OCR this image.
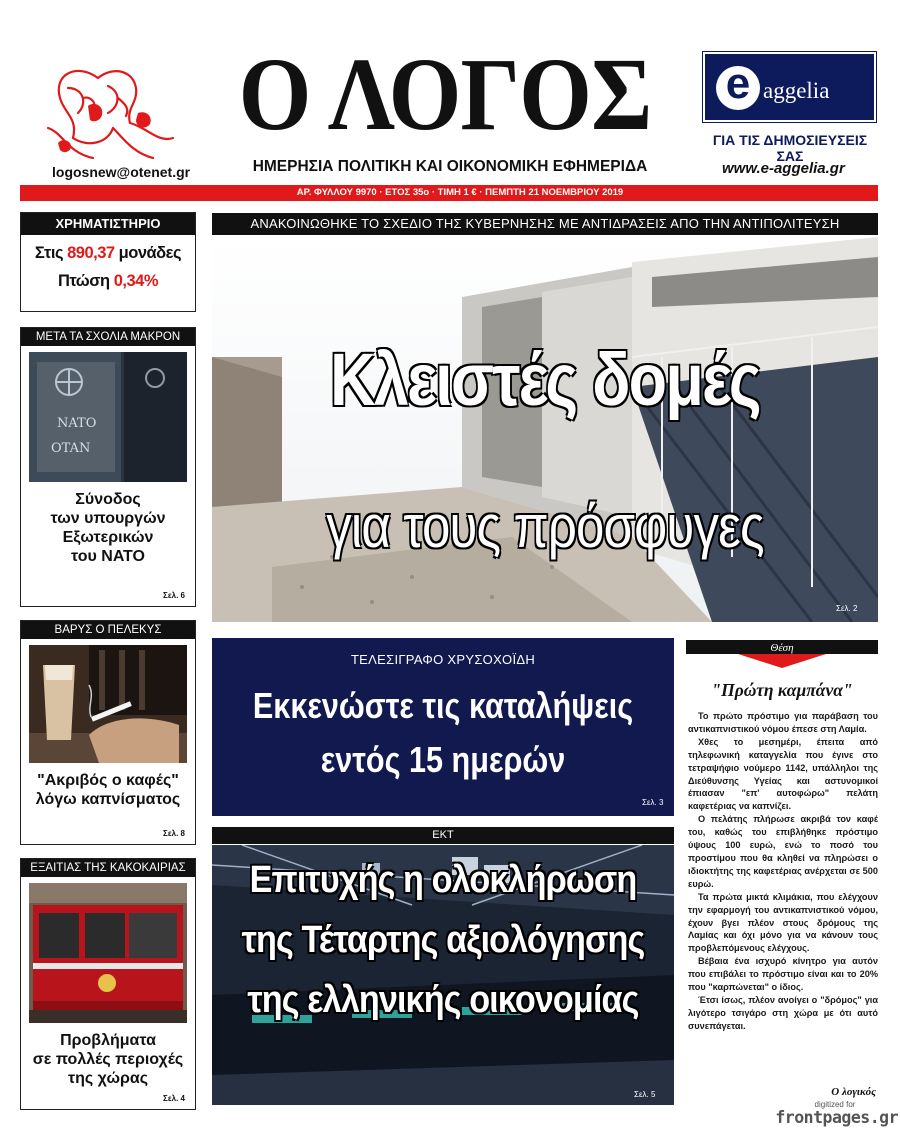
logosnew@otenet.gr
Ο ΛΟΓΟΣ
ΗΜΕΡΗΣΙΑ ΠΟΛΙΤΙΚΗ ΚΑΙ ΟΙΚΟΝΟΜΙΚΗ ΕΦΗΜΕΡΙΔΑ
e aggelia
ΓΙΑ ΤΙΣ ΔΗΜΟΣΙΕΥΣΕΙΣ ΣΑΣ
www.e-aggelia.gr
ΑΡ. ΦΥΛΛΟΥ 9970 · ΕΤΟΣ 35ο · ΤΙΜΗ 1 € · ΠΕΜΠΤΗ 21 ΝΟΕΜΒΡΙΟΥ 2019
ΧΡΗΜΑΤΙΣΤΗΡΙΟ
Στις 890,37 μονάδες
Πτώση 0,34%
ΜΕΤΑ ΤΑ ΣΧΟΛΙΑ ΜΑΚΡΟΝ
NATO
OTAN
Σύνοδος
των υπουργών
Εξωτερικών
του ΝΑΤΟ
Σελ. 6
ΒΑΡΥΣ Ο ΠΕΛΕΚΥΣ
"Ακριβός ο καφές"
λόγω καπνίσματος
Σελ. 8
ΕΞΑΙΤΙΑΣ ΤΗΣ ΚΑΚΟΚΑΙΡΙΑΣ
Προβλήματα
σε πολλές περιοχές
της χώρας
Σελ. 4
ΑΝΑΚΟΙΝΩΘΗΚΕ ΤΟ ΣΧΕΔΙΟ ΤΗΣ ΚΥΒΕΡΝΗΣΗΣ ΜΕ ΑΝΤΙΔΡΑΣΕΙΣ ΑΠΟ ΤΗΝ ΑΝΤΙΠΟΛΙΤΕΥΣΗ
Κλειστές δομές
για τους πρόσφυγες
Σελ. 2
ΤΕΛΕΣΙΓΡΑΦΟ ΧΡΥΣΟΧΟΪΔΗ
Εκκενώστε τις καταλήψεις
εντός 15 ημερών
Σελ. 3
ΕΚΤ
Επιτυχής η ολοκλήρωση
της Τέταρτης αξιολόγησης
της ελληνικής οικονομίας
Σελ. 5
Θέση
"Πρώτη καμπάνα"

Το πρώτο πρόστιμο για παράβαση του αντικαπνιστικού νόμου έπεσε στη Λαμία.

Χθες το μεσημέρι, έπειτα από τηλεφωνική καταγγελία που έγινε στο τετραψήφιο νούμερο 1142, υπάλληλοι της Διεύθυνσης Υγείας και αστυνομικοί έπιασαν "επ' αυτοφώρω" πελάτη καφετέριας να καπνίζει.

Ο πελάτης πλήρωσε ακριβά τον καφέ του, καθώς του επιβλήθηκε πρόστιμο ύψους 100 ευρώ, ενώ το ποσό του προστίμου που θα κληθεί να πληρώσει ο ιδιοκτήτης της καφετέριας ανέρχεται σε 500 ευρώ.

Τα πρώτα μικτά κλιμάκια, που ελέγχουν την εφαρμογή του αντικαπνιστικού νόμου, έχουν βγει πλέον στους δρόμους της Λαμίας και όχι μόνο για να κάνουν τους προβλεπόμενους ελέγχους.

Βέβαια ένα ισχυρό κίνητρο για αυτόν που επιβάλει το πρόστιμο είναι και το 20% που "καρπώνεται" ο ίδιος.

Έτσι ίσως, πλέον ανοίγει ο "δρόμος" για λιγότερο τσιγάρο στη χώρα με ότι αυτό συνεπάγεται.

Ο λογικός
digitized for
frontpages.gr
